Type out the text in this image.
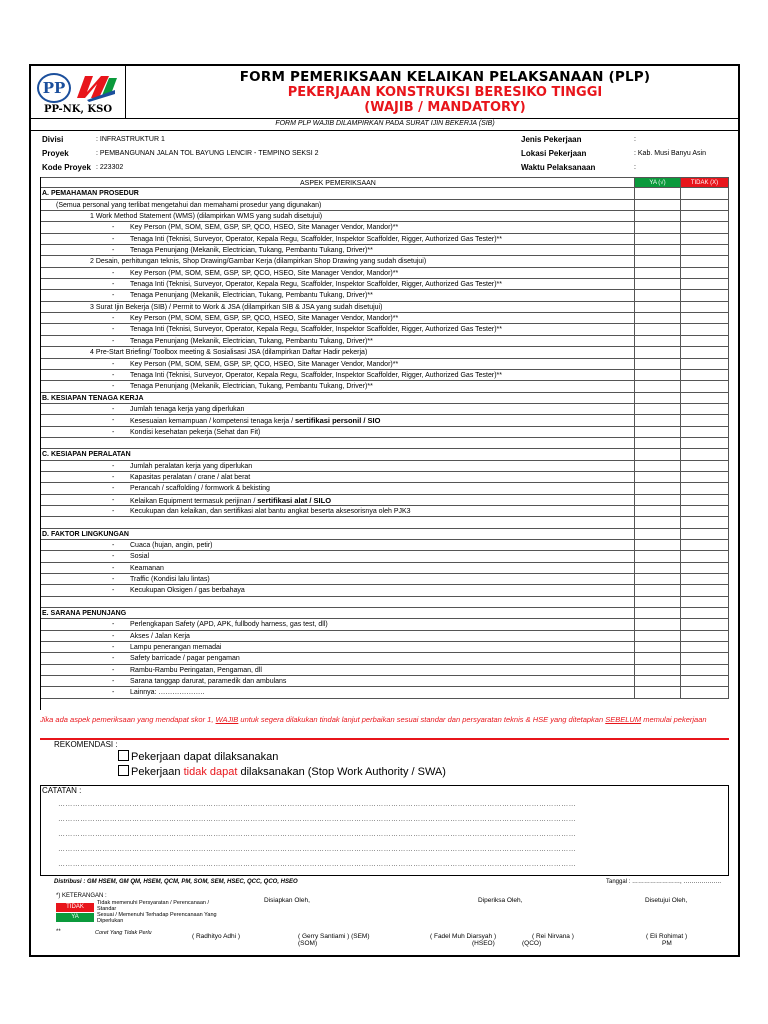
PP
PP-NK, KSO
FORM PEMERIKSAAN KELAIKAN PELAKSANAAN (PLP)
PEKERJAAN KONSTRUKSI BERESIKO TINGGI
(WAJIB / MANDATORY)
FORM PLP WAJIB DILAMPIRKAN PADA SURAT IJIN BEKERJA (SIB)
Divisi	: INFRASTRUKTUR 1
Proyek	: PEMBANGUNAN JALAN TOL BAYUNG LENCIR - TEMPINO SEKSI 2
Kode Proyek : 223302
Jenis Pekerjaan	:
Lokasi Pekerjaan	: Kab. Musi Banyu Asin
Waktu Pelaksanaan	:
ASPEK PEMERIKSAAN	YA (√)	TIDAK (X)
A. PEMAHAMAN PROSEDUR
(Semua personal yang terlibat mengetahui dan memahami prosedur yang digunakan)
1 Work Method Statement (WMS) (dilampirkan WMS yang sudah disetujui)
- Key Person (PM, SOM, SEM, GSP, SP, QCO, HSEO, Site Manager Vendor, Mandor)**
- Tenaga Inti (Teknisi, Surveyor, Operator, Kepala Regu, Scaffolder, Inspektor Scaffolder, Rigger, Authorized Gas Tester)**
- Tenaga Penunjang (Mekanik, Electrician, Tukang, Pembantu Tukang, Driver)**
2 Desain, perhitungan teknis, Shop Drawing/Gambar Kerja (dilampirkan Shop Drawing yang sudah disetujui)
- Key Person (PM, SOM, SEM, GSP, SP, QCO, HSEO, Site Manager Vendor, Mandor)**
- Tenaga Inti (Teknisi, Surveyor, Operator, Kepala Regu, Scaffolder, Inspektor Scaffolder, Rigger, Authorized Gas Tester)**
- Tenaga Penunjang (Mekanik, Electrician, Tukang, Pembantu Tukang, Driver)**
3 Surat Ijin Bekerja (SIB) / Permit to Work & JSA (dilampirkan SIB & JSA yang sudah disetujui)
- Key Person (PM, SOM, SEM, GSP, SP, QCO, HSEO, Site Manager Vendor, Mandor)**
- Tenaga Inti (Teknisi, Surveyor, Operator, Kepala Regu, Scaffolder, Inspektor Scaffolder, Rigger, Authorized Gas Tester)**
- Tenaga Penunjang (Mekanik, Electrician, Tukang, Pembantu Tukang, Driver)**
4 Pre-Start Briefing/ Toolbox meeting & Sosialisasi JSA (dilampirkan Daftar Hadir pekerja)
- Key Person (PM, SOM, SEM, GSP, SP, QCO, HSEO, Site Manager Vendor, Mandor)**
- Tenaga Inti (Teknisi, Surveyor, Operator, Kepala Regu, Scaffolder, Inspektor Scaffolder, Rigger, Authorized Gas Tester)**
- Tenaga Penunjang (Mekanik, Electrician, Tukang, Pembantu Tukang, Driver)**
B. KESIAPAN TENAGA KERJA
- Jumlah tenaga kerja yang diperlukan
- Kesesuaian kemampuan / kompetensi tenaga kerja / sertifikasi personil / SIO
- Kondisi kesehatan pekerja (Sehat dan Fit)
C. KESIAPAN PERALATAN
- Jumlah peralatan kerja yang diperlukan
- Kapasitas peralatan / crane / alat berat
- Perancah / scaffolding / formwork & bekisting
- Kelaikan Equipment termasuk perijinan / sertifikasi alat / SILO
- Kecukupan dan kelaikan, dan sertifikasi alat bantu angkat beserta aksesorisnya oleh PJK3
D. FAKTOR LINGKUNGAN
- Cuaca (hujan, angin, petir)
- Sosial
- Keamanan
- Traffic (Kondisi lalu lintas)
- Kecukupan Oksigen / gas berbahaya
E. SARANA PENUNJANG
- Perlengkapan Safety (APD, APK, fullbody harness, gas test, dll)
- Akses / Jalan Kerja
- Lampu penerangan memadai
- Safety barricade / pagar pengaman
- Rambu-Rambu Peringatan, Pengaman, dll
- Sarana tanggap darurat, paramedik dan ambulans
- Lainnya: ………………..
Jika ada aspek pemeriksaan yang mendapat skor 1, WAJIB untuk segera dilakukan tindak lanjut perbaikan sesuai standar dan persyaratan teknis & HSE yang ditetapkan SEBELUM memulai pekerjaan
REKOMENDASI :
Pekerjaan dapat dilaksanakan
Pekerjaan tidak dapat dilaksanakan (Stop Work Authority / SWA)
CATATAN :
…………………………………………………………………………………………………………………………………………………………………………………………
…………………………………………………………………………………………………………………………………………………………………………………………
…………………………………………………………………………………………………………………………………………………………………………………………
…………………………………………………………………………………………………………………………………………………………………………………………
…………………………………………………………………………………………………………………………………………………………………………………………
Distribusi : GM HSEM, GM QM, HSEM, QCM, PM, SOM, SEM, HSEC, QCC, QCO, HSEO	Tanggal : ……………………, ……………….
*) KETERANGAN :
TIDAK
Tidak memenuhi Persyaratan / Perencanaan / Standar
YA	Sesuai / Memenuhi Terhadap Perencanaan Yang Diperlukan
**	Coret Yang Tidak Perlu
Disiapkan Oleh,	Diperiksa Oleh,	Disetujui Oleh,
( Radhityo Adhi )	( Gerry Santiami ) (SEM)
(SOM)
( Fadel Muh Diarsyah )
(HSEO)
( Rei Nirvana )
(QCO)
( Eli Rohimat )
PM
